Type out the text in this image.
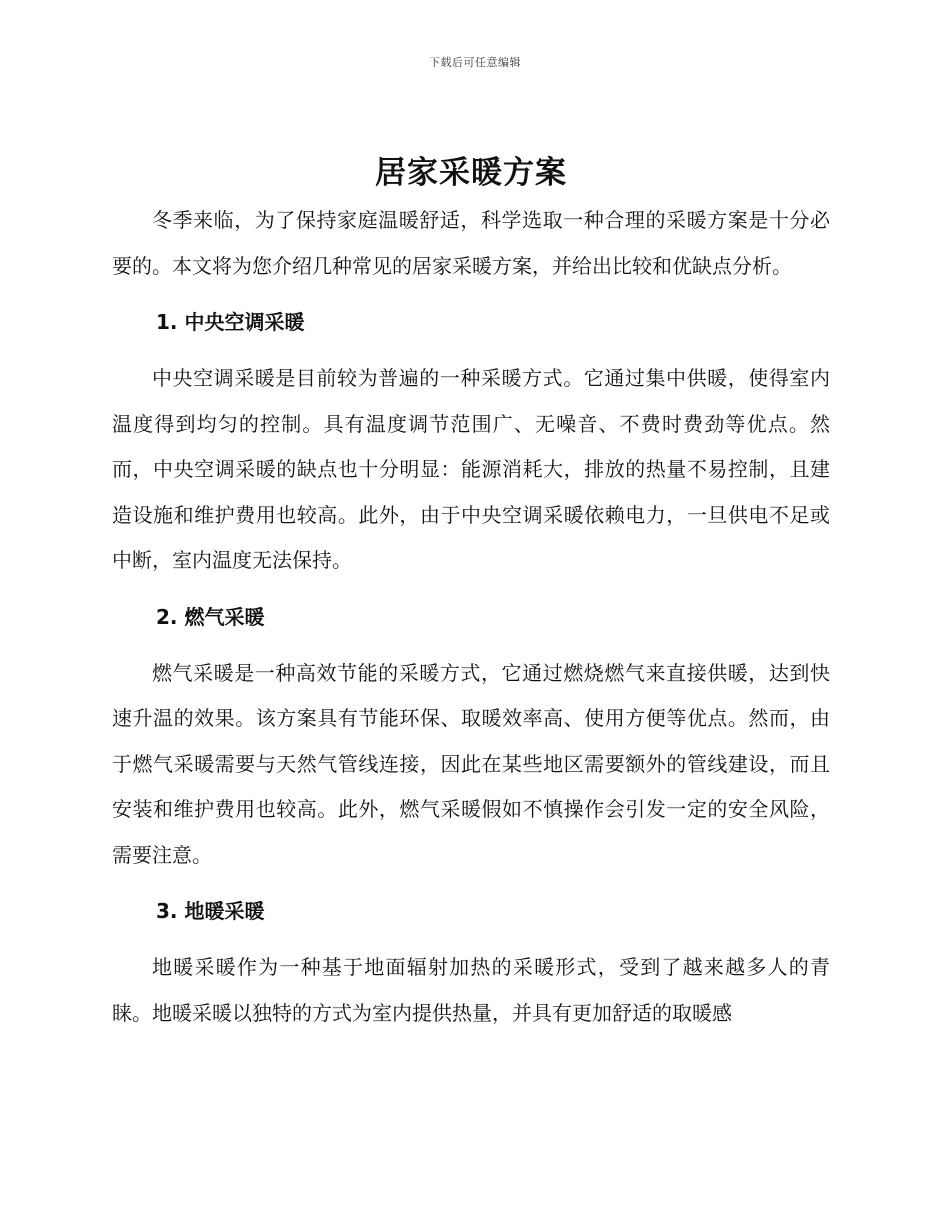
下载后可任意编辑
居家采暖方案

冬季来临，为了保持家庭温暖舒适，科学选取一种合理的采暖方案是十分必要的。本文将为您介绍几种常见的居家采暖方案，并给出比较和优缺点分析。

1. 中央空调采暖

中央空调采暖是目前较为普遍的一种采暖方式。它通过集中供暖，使得室内温度得到均匀的控制。具有温度调节范围广、无噪音、不费时费劲等优点。然而，中央空调采暖的缺点也十分明显：能源消耗大，排放的热量不易控制，且建造设施和维护费用也较高。此外，由于中央空调采暖依赖电力，一旦供电不足或中断，室内温度无法保持。

2. 燃气采暖

燃气采暖是一种高效节能的采暖方式，它通过燃烧燃气来直接供暖，达到快速升温的效果。该方案具有节能环保、取暖效率高、使用方便等优点。然而，由于燃气采暖需要与天然气管线连接，因此在某些地区需要额外的管线建设，而且安装和维护费用也较高。此外，燃气采暖假如不慎操作会引发一定的安全风险，需要注意。

3. 地暖采暖

地暖采暖作为一种基于地面辐射加热的采暖形式，受到了越来越多人的青睐。地暖采暖以独特的方式为室内提供热量，并具有更加舒适的取暖感
